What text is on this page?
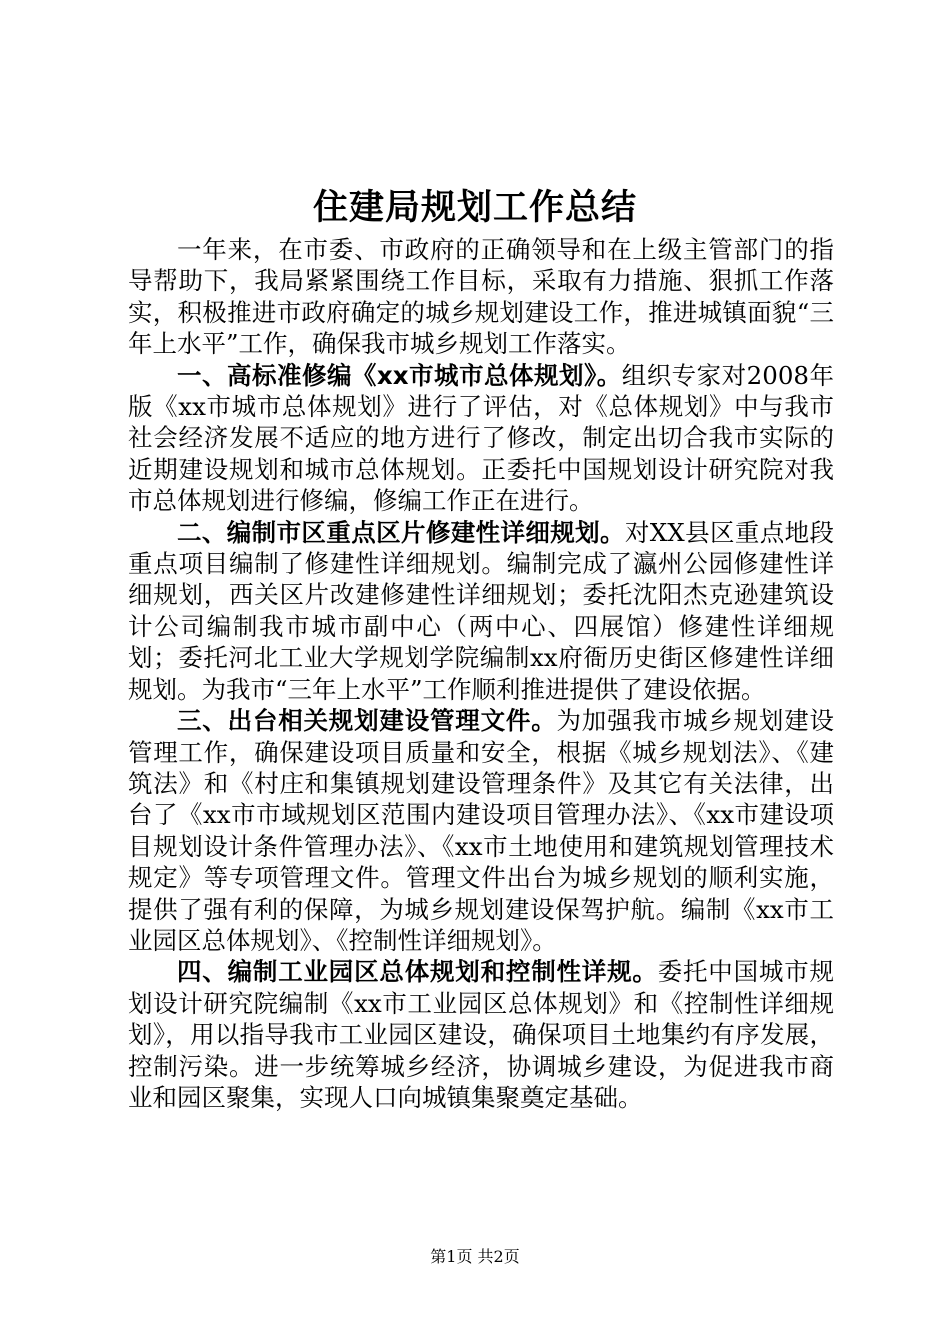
住建局规划工作总结

一年来，在市委、市政府的正确领导和在上级主管部门的指导帮助下，我局紧紧围绕工作目标，采取有力措施、狠抓工作落实，积极推进市政府确定的城乡规划建设工作，推进城镇面貌“三年上水平”工作，确保我市城乡规划工作落实。

一、高标准修编《xx市城市总体规划》。组织专家对2008年版《xx市城市总体规划》进行了评估，对《总体规划》中与我市社会经济发展不适应的地方进行了修改，制定出切合我市实际的近期建设规划和城市总体规划。正委托中国规划设计研究院对我市总体规划进行修编，修编工作正在进行。

二、编制市区重点区片修建性详细规划。对XX县区重点地段重点项目编制了修建性详细规划。编制完成了瀛州公园修建性详细规划，西关区片改建修建性详细规划；委托沈阳杰克逊建筑设计公司编制我市城市副中心（两中心、四展馆）修建性详细规划；委托河北工业大学规划学院编制xx府衙历史街区修建性详细规划。为我市“三年上水平”工作顺利推进提供了建设依据。

三、出台相关规划建设管理文件。为加强我市城乡规划建设管理工作，确保建设项目质量和安全，根据《城乡规划法》、《建筑法》和《村庄和集镇规划建设管理条件》及其它有关法律，出台了《xx市市域规划区范围内建设项目管理办法》、《xx市建设项目规划设计条件管理办法》、《xx市土地使用和建筑规划管理技术规定》等专项管理文件。管理文件出台为城乡规划的顺利实施，提供了强有利的保障，为城乡规划建设保驾护航。编制《xx市工业园区总体规划》、《控制性详细规划》。

四、编制工业园区总体规划和控制性详规。委托中国城市规划设计研究院编制《xx市工业园区总体规划》和《控制性详细规划》，用以指导我市工业园区建设，确保项目土地集约有序发展，控制污染。进一步统筹城乡经济，协调城乡建设，为促进我市商业和园区聚集，实现人口向城镇集聚奠定基础。

第1页 共2页
